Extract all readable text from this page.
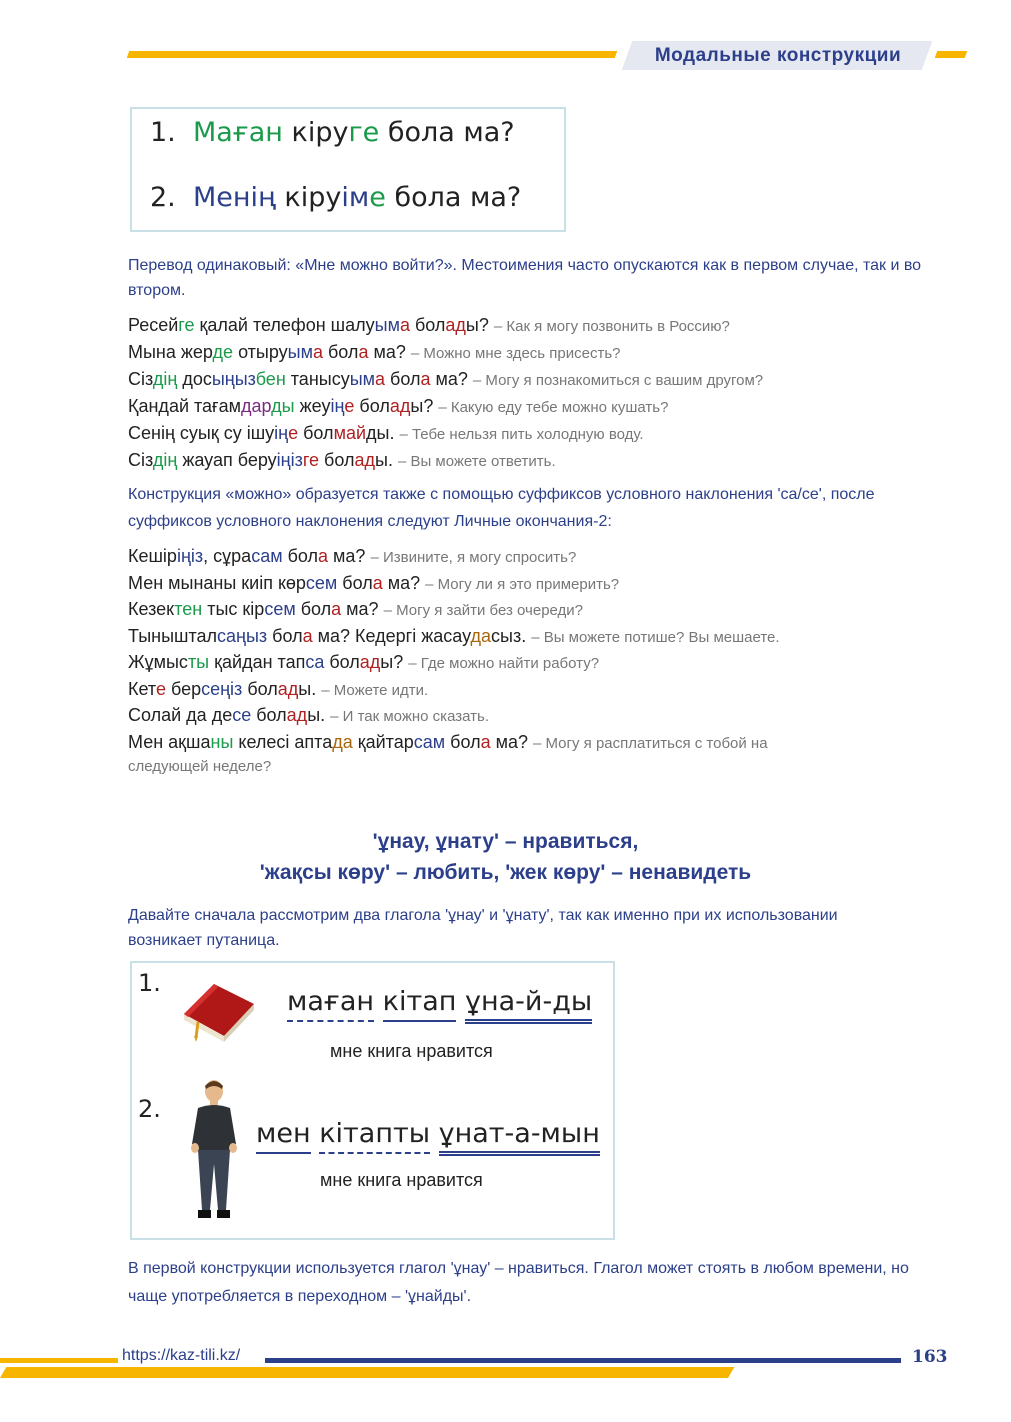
Модальные конструкции
1. Маған кіруге бола ма?
2. Менің кіруіме бола ма?
Перевод одинаковый: «Мне можно войти?». Местоимения часто опускаются как в первом случае, так и во втором.
Ресейге қалай телефон шалуыма болады? – Как я могу позвонить в Россию?
Мына жерде отыруыма бола ма? – Можно мне здесь присесть?
Сіздің досыңызбен танысуыма бола ма? – Могу я познакомиться с вашим другом?
Қандай тағамдарды жеуіңе болады? – Какую еду тебе можно кушать?
Сенің суық су ішуіңе болмайды. – Тебе нельзя пить холодную воду.
Сіздің жауап беруіңізге болады. – Вы можете ответить.
Конструкция «можно» образуется также с помощью суффиксов условного наклонения 'са/се', после суффиксов условного наклонения следуют Личные окончания-2:
Кешіріңіз, сұрасам бола ма? – Извините, я могу спросить?
Мен мынаны киіп көрсем бола ма? – Могу ли я это примерить?
Кезектен тыс кірсем бола ма? – Могу я зайти без очереди?
Тынышталсаңыз бола ма? Кедергі жасаудасыз. – Вы можете потише? Вы мешаете.
Жұмысты қайдан тапса болады? – Где можно найти работу?
Кете берсеңіз болады. – Можете идти.
Солай да десе болады. – И так можно сказать.
Мен ақшаны келесі аптада қайтарсам бола ма? – Могу я расплатиться с тобой на
следующей неделе?
'ұнау, ұнату' – нравиться,
'жақсы көру' – любить, 'жек көру' – ненавидеть
Давайте сначала рассмотрим два глагола 'ұнау' и 'ұнату', так как именно при их использовании возникает путаница.
1.
маған кітап ұна-й-ды
мне книга нравится
2.
мен кітапты ұнат-а-мын
мне книга нравится
В первой конструкции используется глагол 'ұнау' – нравиться. Глагол может стоять в любом времени, но чаще употребляется в переходном – 'ұнайды'.
https://kaz-tili.kz/	163
